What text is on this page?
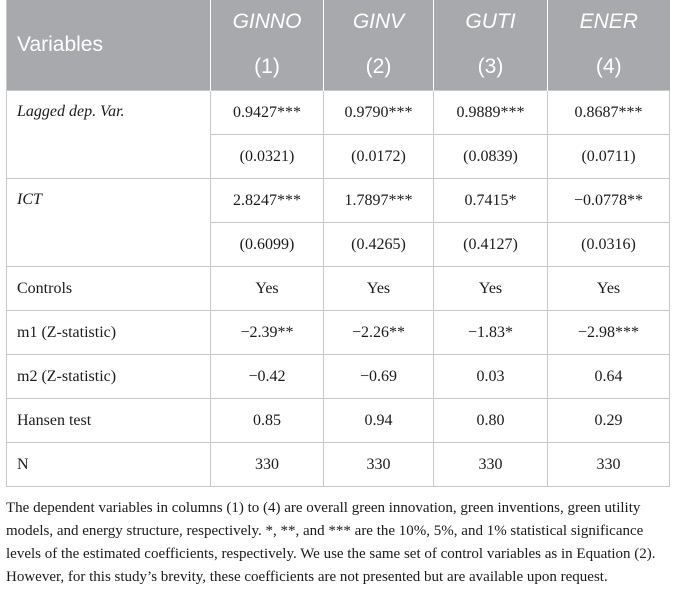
Variables	GINNO	GINV	GUTI	ENER
	(1)	(2)	(3)	(4)
Lagged dep. Var.	0.9427***	0.9790***	0.9889***	0.8687***
	(0.0321)	(0.0172)	(0.0839)	(0.0711)
ICT	2.8247***	1.7897***	0.7415*	−0.0778**
	(0.6099)	(0.4265)	(0.4127)	(0.0316)
Controls	Yes	Yes	Yes	Yes
m1 (Z-statistic)	−2.39**	−2.26**	−1.83*	−2.98***
m2 (Z-statistic)	−0.42	−0.69	0.03	0.64
Hansen test	0.85	0.94	0.80	0.29
N	330	330	330	330
The dependent variables in columns (1) to (4) are overall green innovation, green inventions, green utility models, and energy structure, respectively. *, **, and *** are the 10%, 5%, and 1% statistical significance levels of the estimated coefficients, respectively. We use the same set of control variables as in Equation (2). However, for this study’s brevity, these coefficients are not presented but are available upon request.
